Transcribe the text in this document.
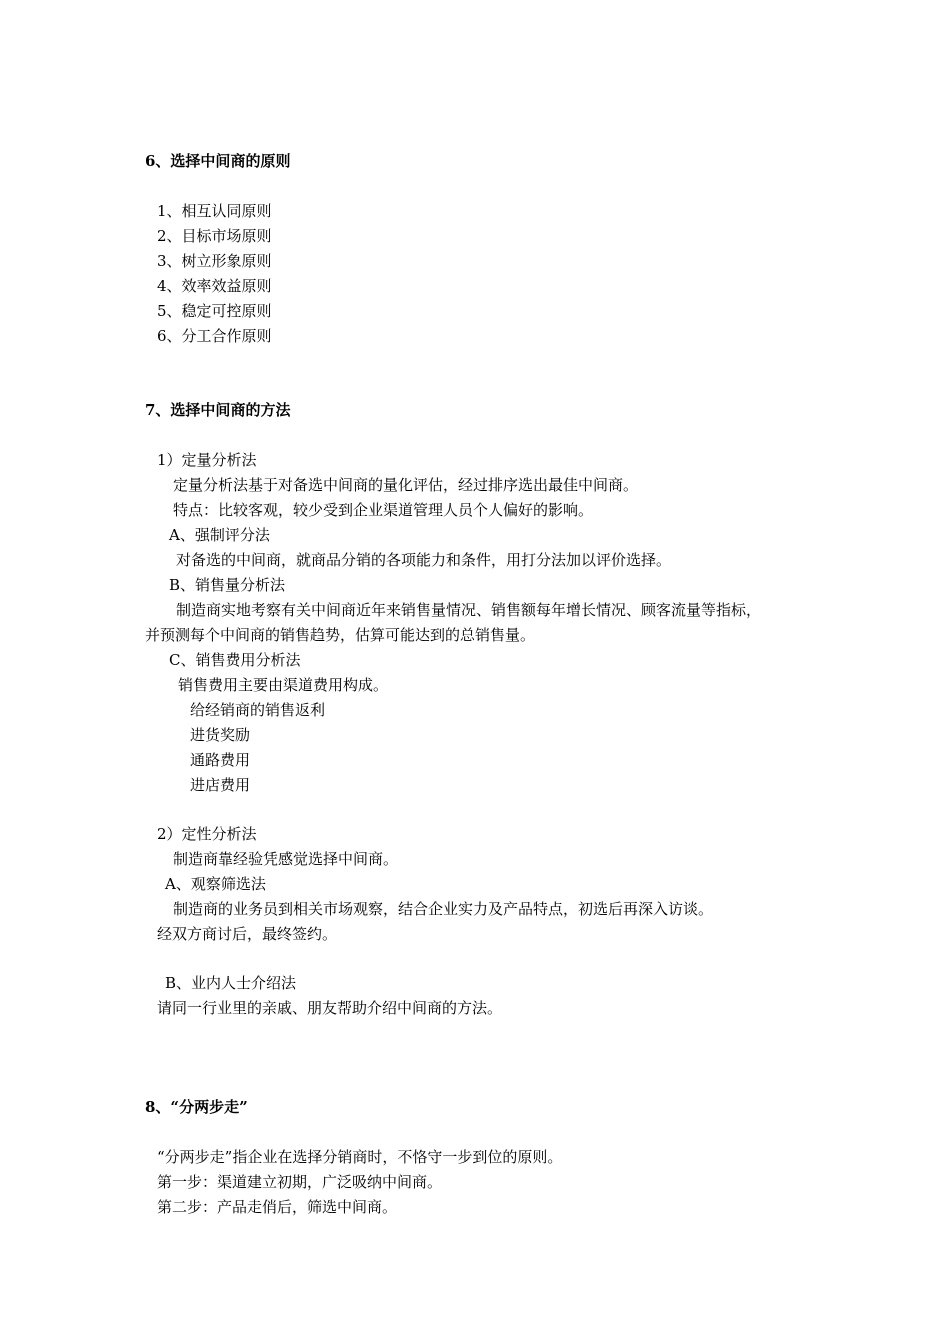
6、选择中间商的原则
1、相互认同原则
2、目标市场原则
3、树立形象原则
4、效率效益原则
5、稳定可控原则
6、分工合作原则
7、选择中间商的方法
1）定量分析法
定量分析法基于对备选中间商的量化评估，经过排序选出最佳中间商。
特点：比较客观，较少受到企业渠道管理人员个人偏好的影响。
A、强制评分法
对备选的中间商，就商品分销的各项能力和条件，用打分法加以评价选择。
B、销售量分析法
制造商实地考察有关中间商近年来销售量情况、销售额每年增长情况、顾客流量等指标，
并预测每个中间商的销售趋势，估算可能达到的总销售量。
C、销售费用分析法
销售费用主要由渠道费用构成。
给经销商的销售返利
进货奖励
通路费用
进店费用
2）定性分析法
制造商靠经验凭感觉选择中间商。
A、观察筛选法
制造商的业务员到相关市场观察，结合企业实力及产品特点，初选后再深入访谈。
经双方商讨后，最终签约。
B、业内人士介绍法
请同一行业里的亲戚、朋友帮助介绍中间商的方法。
8、“分两步走”
“分两步走”指企业在选择分销商时，不恪守一步到位的原则。
第一步：渠道建立初期，广泛吸纳中间商。
第二步：产品走俏后，筛选中间商。
